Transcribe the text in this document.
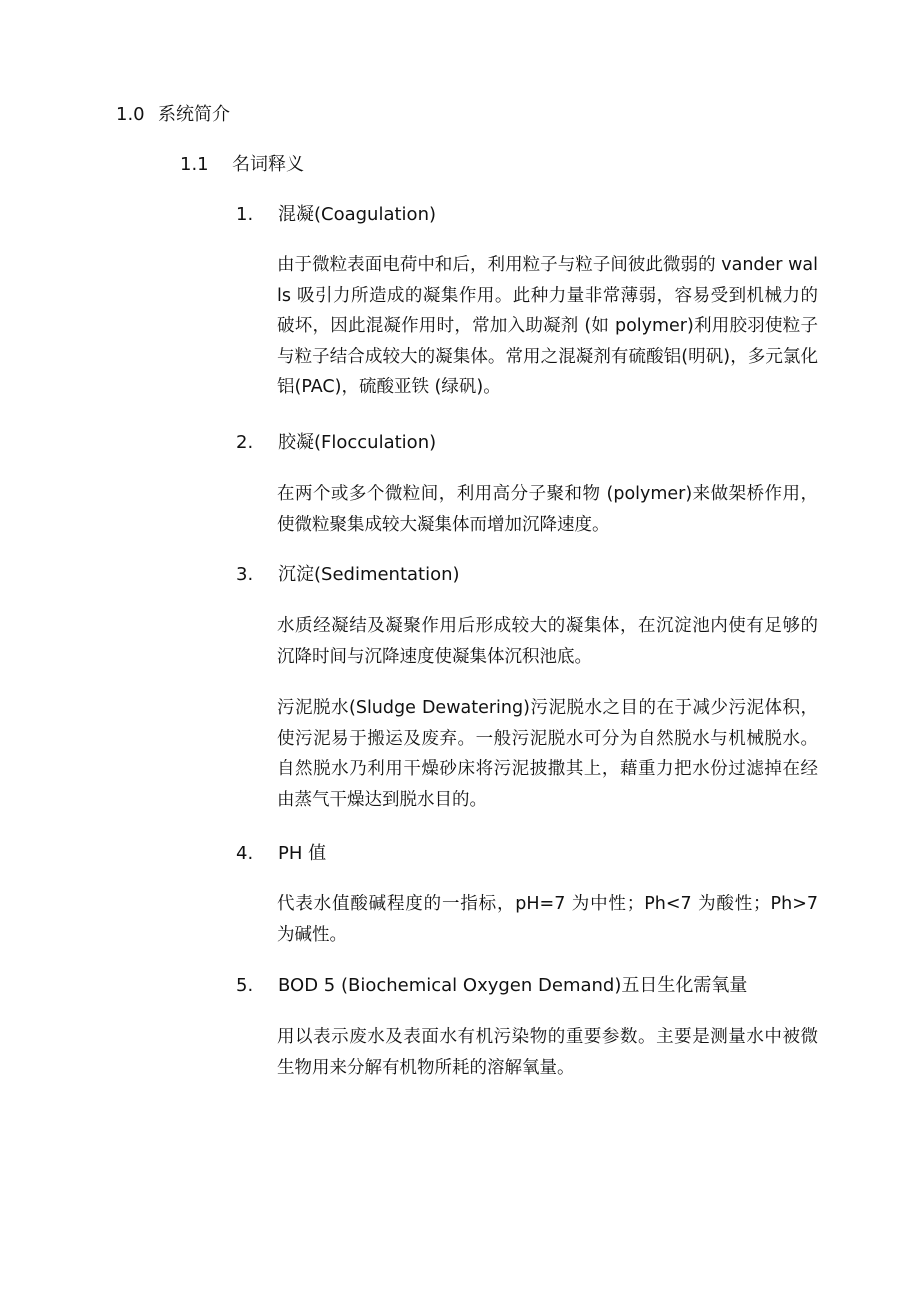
1.0 系统简介
1.1 名词释义
1. 混凝(Coagulation)

由于微粒表面电荷中和后，利用粒子与粒子间彼此微弱的 vander walls 吸引力所造成的凝集作用。此种力量非常薄弱，容易受到机械力的破坏，因此混凝作用时，常加入助凝剂 (如 polymer)利用胶羽使粒子与粒子结合成较大的凝集体。常用之混凝剂有硫酸铝(明矾)，多元氯化铝(PAC)，硫酸亚铁 (绿矾)。

2. 胶凝(Flocculation)

在两个或多个微粒间，利用高分子聚和物 (polymer)来做架桥作用，使微粒聚集成较大凝集体而增加沉降速度。

3. 沉淀(Sedimentation)

水质经凝结及凝聚作用后形成较大的凝集体，在沉淀池内使有足够的沉降时间与沉降速度使凝集体沉积池底。

污泥脱水(Sludge Dewatering)污泥脱水之目的在于减少污泥体积，使污泥易于搬运及废弃。一般污泥脱水可分为自然脱水与机械脱水。自然脱水乃利用干燥砂床将污泥披撒其上，藉重力把水份过滤掉在经由蒸气干燥达到脱水目的。

4. PH 值

代表水值酸碱程度的一指标，pH=7 为中性；Ph<7 为酸性；Ph>7 为碱性。

5. BOD 5 (Biochemical Oxygen Demand)五日生化需氧量

用以表示废水及表面水有机污染物的重要参数。主要是测量水中被微生物用来分解有机物所耗的溶解氧量。
